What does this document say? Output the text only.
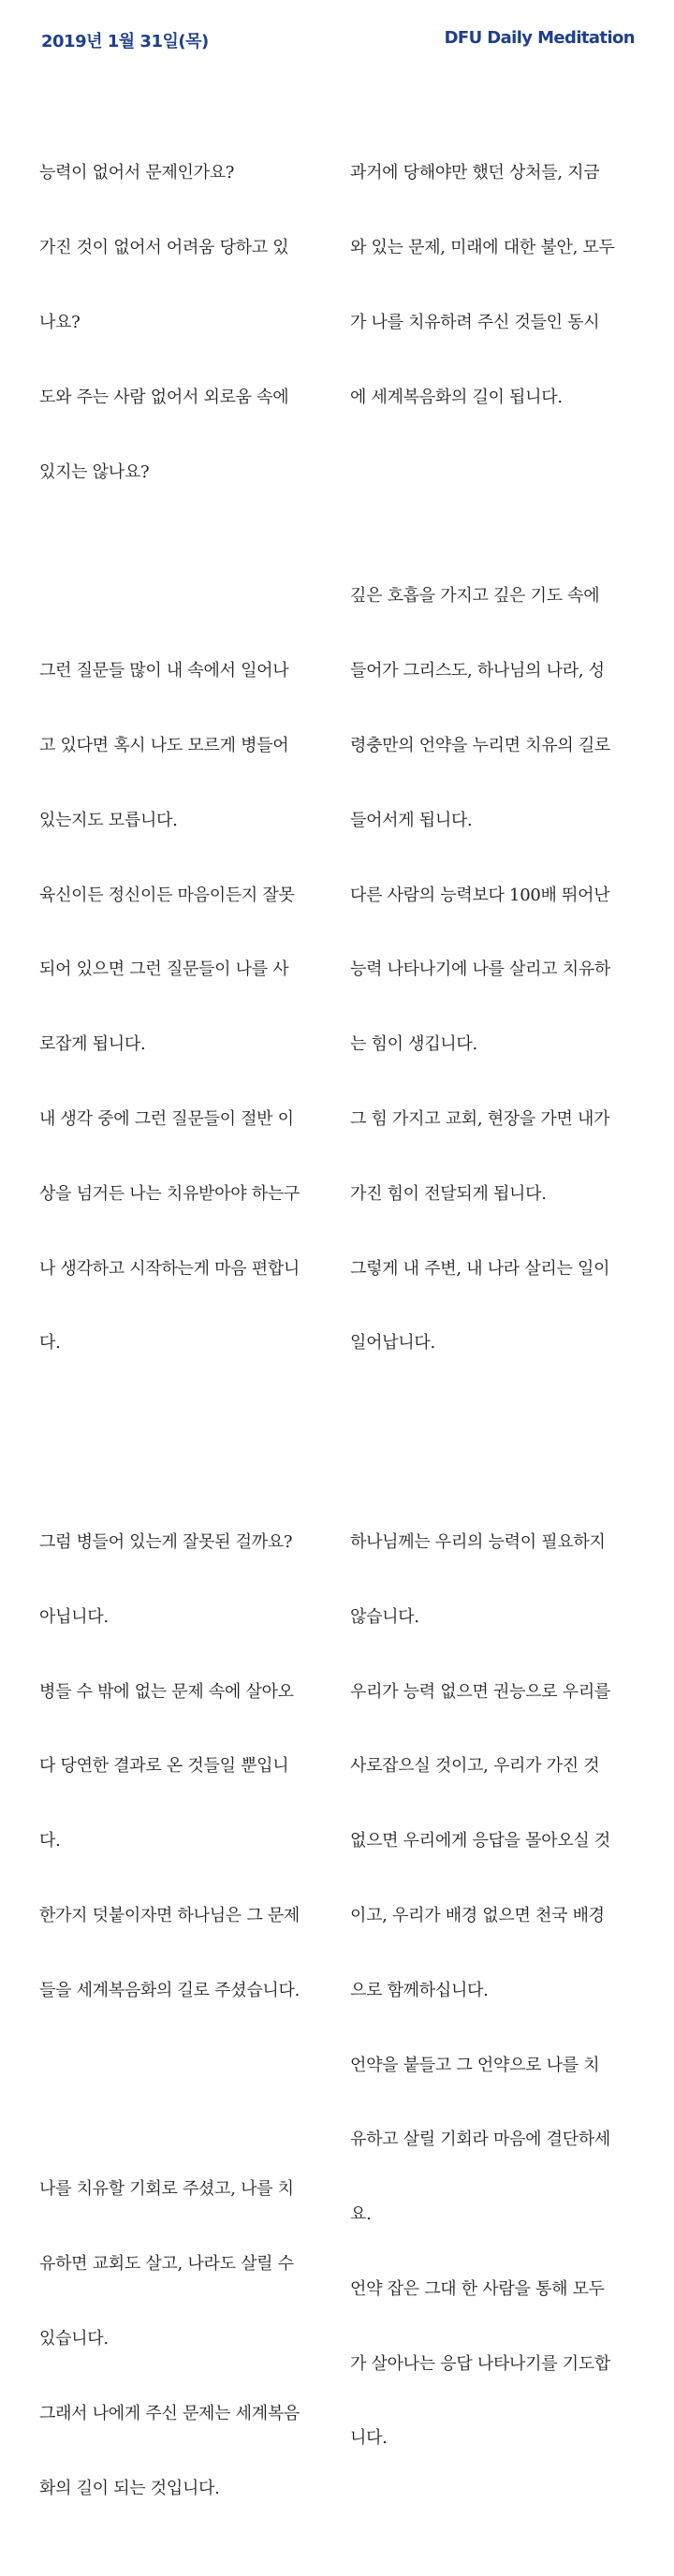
2019년 1월 31일(목)	DFU Daily Meditation

능력이 없어서 문제인가요?

가진 것이 없어서 어려움 당하고 있

나요?

도와 주는 사람 없어서 외로움 속에

있지는 않나요?

그런 질문들 많이 내 속에서 일어나

고 있다면 혹시 나도 모르게 병들어

있는지도 모릅니다.

육신이든 정신이든 마음이든지 잘못

되어 있으면 그런 질문들이 나를 사

로잡게 됩니다.

내 생각 중에 그런 질문들이 절반 이

상을 넘거든 나는 치유받아야 하는구

나 생각하고 시작하는게 마음 편합니

다.

그럼 병들어 있는게 잘못된 걸까요?

아닙니다.

병들 수 밖에 없는 문제 속에 살아오

다 당연한 결과로 온 것들일 뿐입니

다.

한가지 덧붙이자면 하나님은 그 문제

들을 세계복음화의 길로 주셨습니다.

나를 치유할 기회로 주셨고, 나를 치

유하면 교회도 살고, 나라도 살릴 수

있습니다.

그래서 나에게 주신 문제는 세계복음

화의 길이 되는 것입니다.

과거에 당해야만 했던 상처들, 지금

와 있는 문제, 미래에 대한 불안, 모두

가 나를 치유하려 주신 것들인 동시

에 세계복음화의 길이 됩니다.

깊은 호흡을 가지고 깊은 기도 속에

들어가 그리스도, 하나님의 나라, 성

령충만의 언약을 누리면 치유의 길로

들어서게 됩니다.

다른 사람의 능력보다 100배 뛰어난

능력 나타나기에 나를 살리고 치유하

는 힘이 생깁니다.

그 힘 가지고 교회, 현장을 가면 내가

가진 힘이 전달되게 됩니다.

그렇게 내 주변, 내 나라 살리는 일이

일어납니다.

하나님께는 우리의 능력이 필요하지

않습니다.

우리가 능력 없으면 권능으로 우리를

사로잡으실 것이고, 우리가 가진 것

없으면 우리에게 응답을 몰아오실 것

이고, 우리가 배경 없으면 천국 배경

으로 함께하십니다.

언약을 붙들고 그 언약으로 나를 치

유하고 살릴 기회라 마음에 결단하세

요.

언약 잡은 그대 한 사람을 통해 모두

가 살아나는 응답 나타나기를 기도합

니다.
